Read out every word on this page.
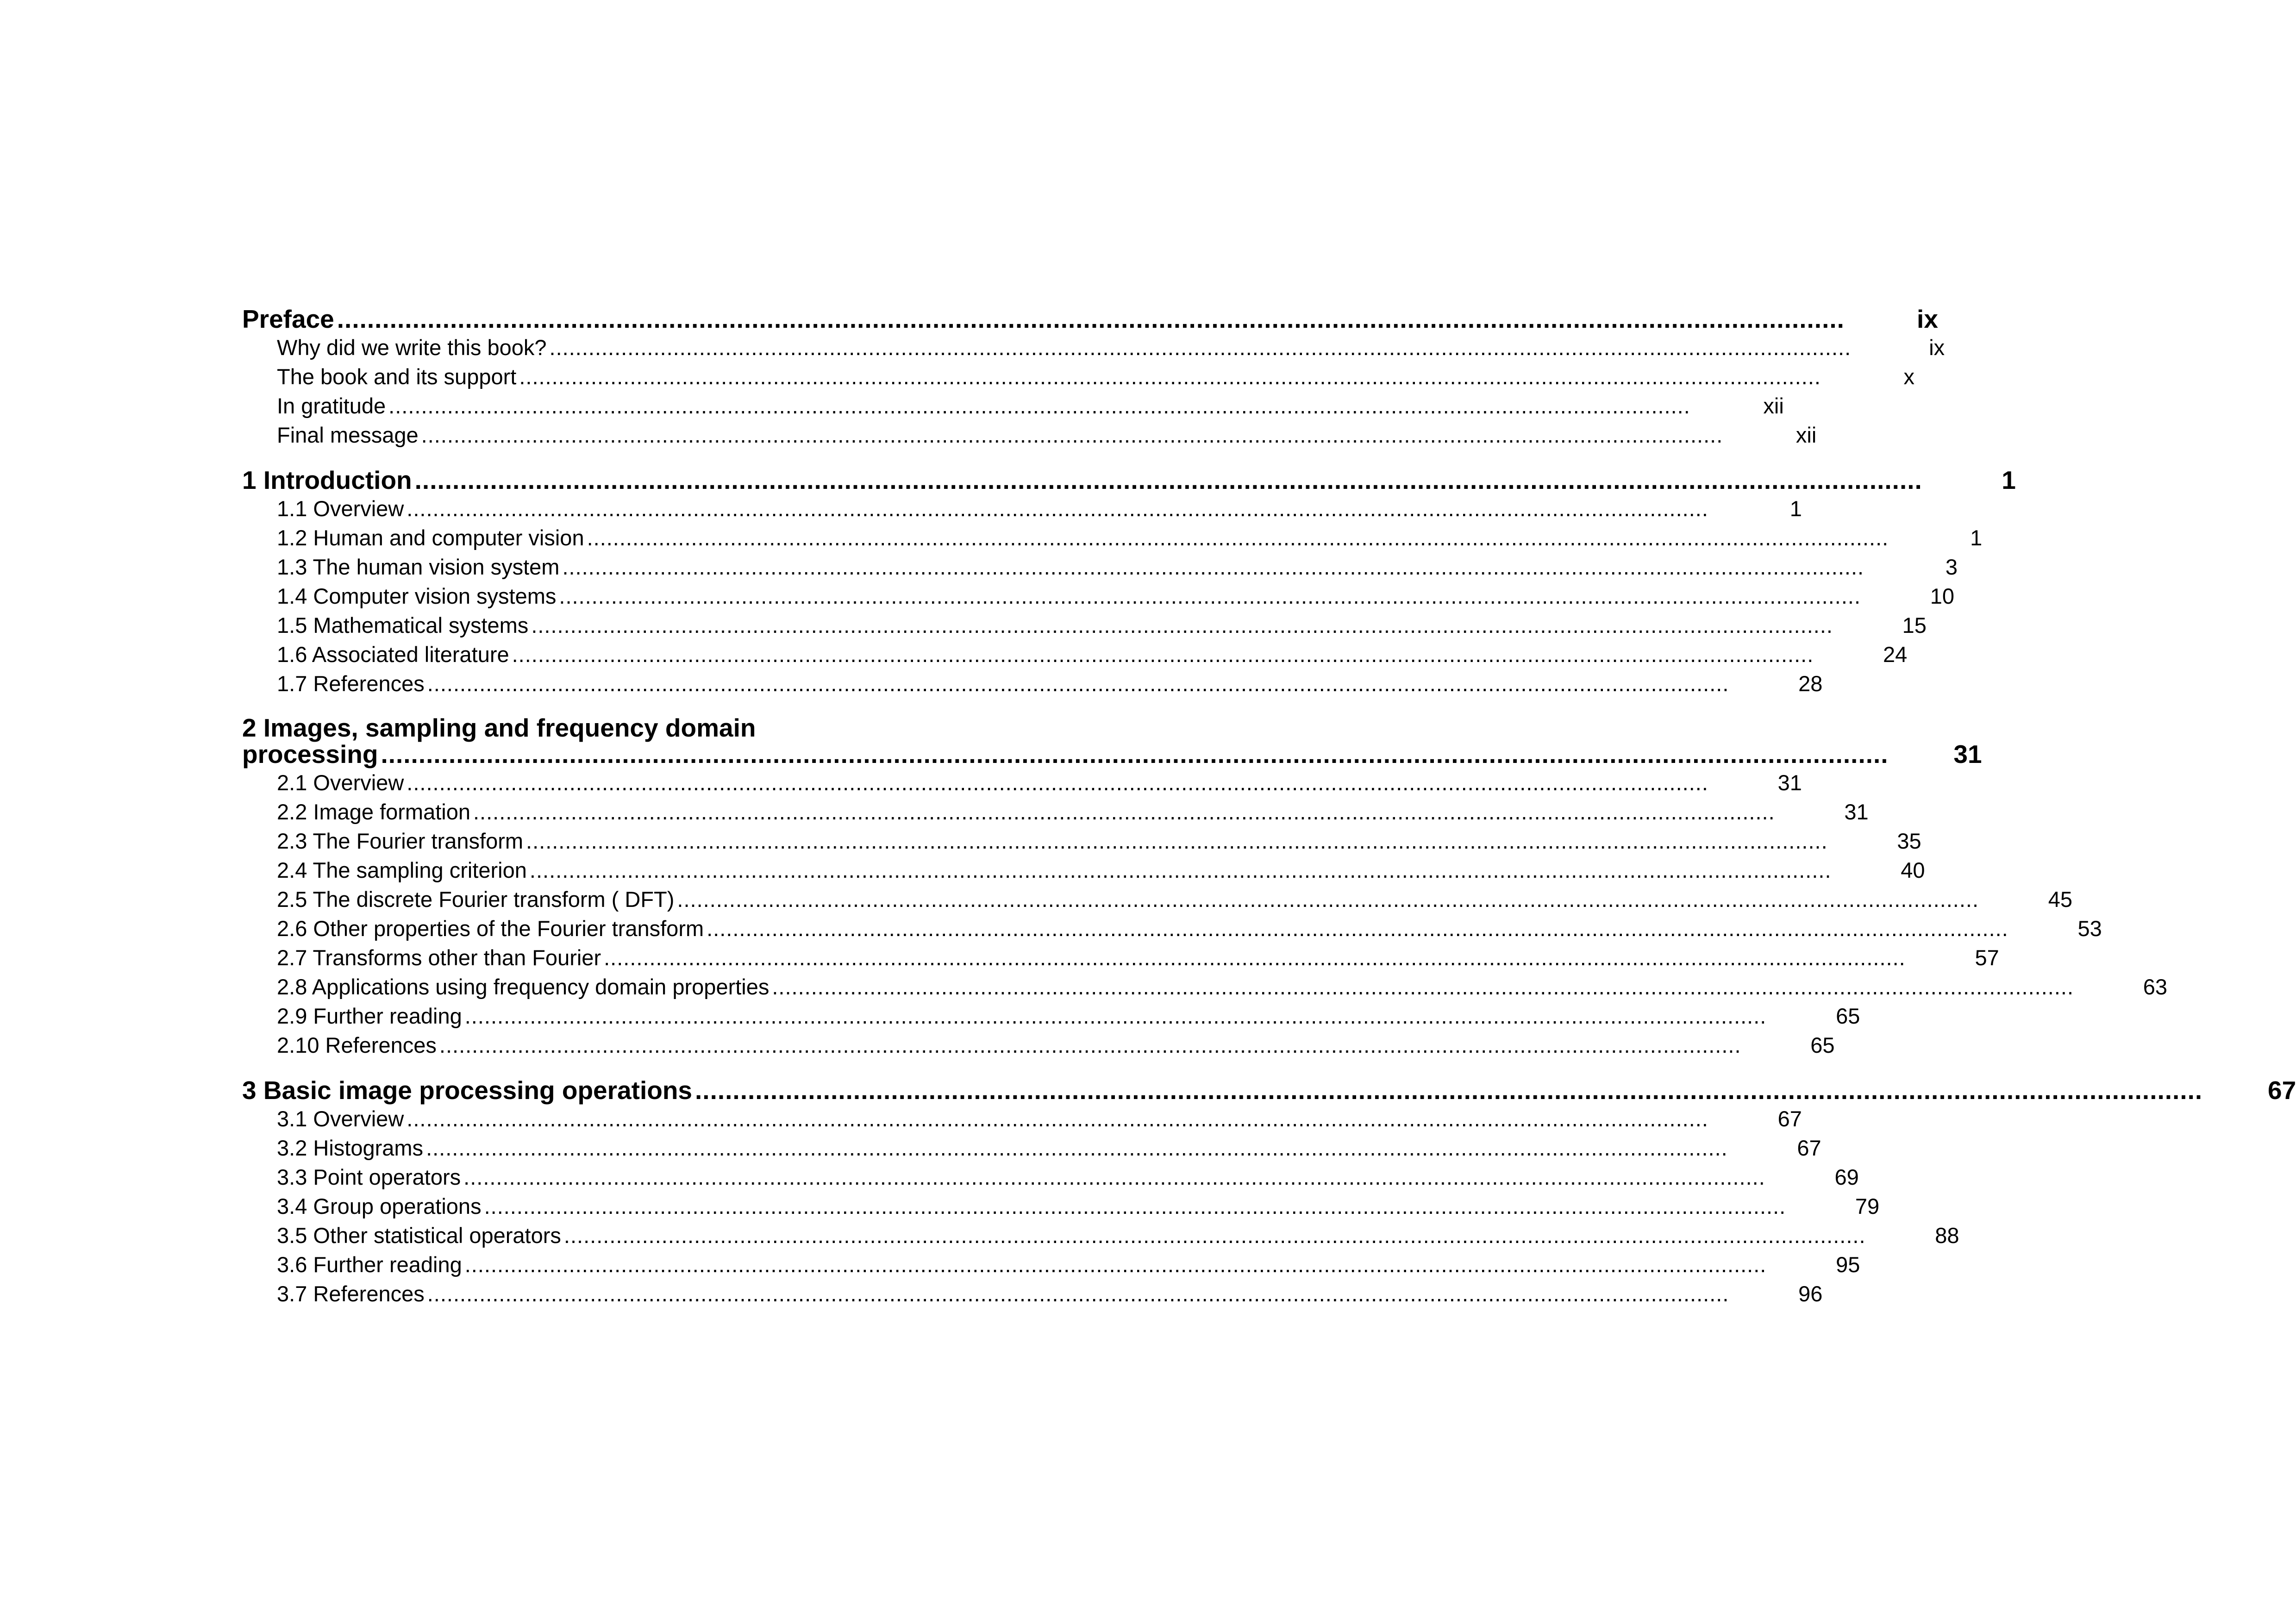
Preface ........................................................................................................................................................................................................	ix
Why did we write this book? ........................................................................................................................................................................................................	ix
The book and its support ........................................................................................................................................................................................................	x
In gratitude ........................................................................................................................................................................................................	xii
Final message ........................................................................................................................................................................................................	xii
1 Introduction ........................................................................................................................................................................................................	1
1.1 Overview ........................................................................................................................................................................................................	1
1.2 Human and computer vision ........................................................................................................................................................................................................	1
1.3 The human vision system ........................................................................................................................................................................................................	3
1.4 Computer vision systems ........................................................................................................................................................................................................	10
1.5 Mathematical systems ........................................................................................................................................................................................................	15
1.6 Associated literature ........................................................................................................................................................................................................	24
1.7 References ........................................................................................................................................................................................................	28
2 Images, sampling and frequency domain
processing ........................................................................................................................................................................................................	31
2.1 Overview ........................................................................................................................................................................................................	31
2.2 Image formation ........................................................................................................................................................................................................	31
2.3 The Fourier transform ........................................................................................................................................................................................................	35
2.4 The sampling criterion ........................................................................................................................................................................................................	40
2.5 The discrete Fourier transform ( DFT) ........................................................................................................................................................................................................	45
2.6 Other properties of the Fourier transform ........................................................................................................................................................................................................	53
2.7 Transforms other than Fourier ........................................................................................................................................................................................................	57
2.8 Applications using frequency domain properties ........................................................................................................................................................................................................	63
2.9 Further reading ........................................................................................................................................................................................................	65
2.10 References ........................................................................................................................................................................................................	65
3 Basic image processing operations ........................................................................................................................................................................................................	67
3.1 Overview ........................................................................................................................................................................................................	67
3.2 Histograms ........................................................................................................................................................................................................	67
3.3 Point operators ........................................................................................................................................................................................................	69
3.4 Group operations ........................................................................................................................................................................................................	79
3.5 Other statistical operators ........................................................................................................................................................................................................	88
3.6 Further reading ........................................................................................................................................................................................................	95
3.7 References ........................................................................................................................................................................................................	96
